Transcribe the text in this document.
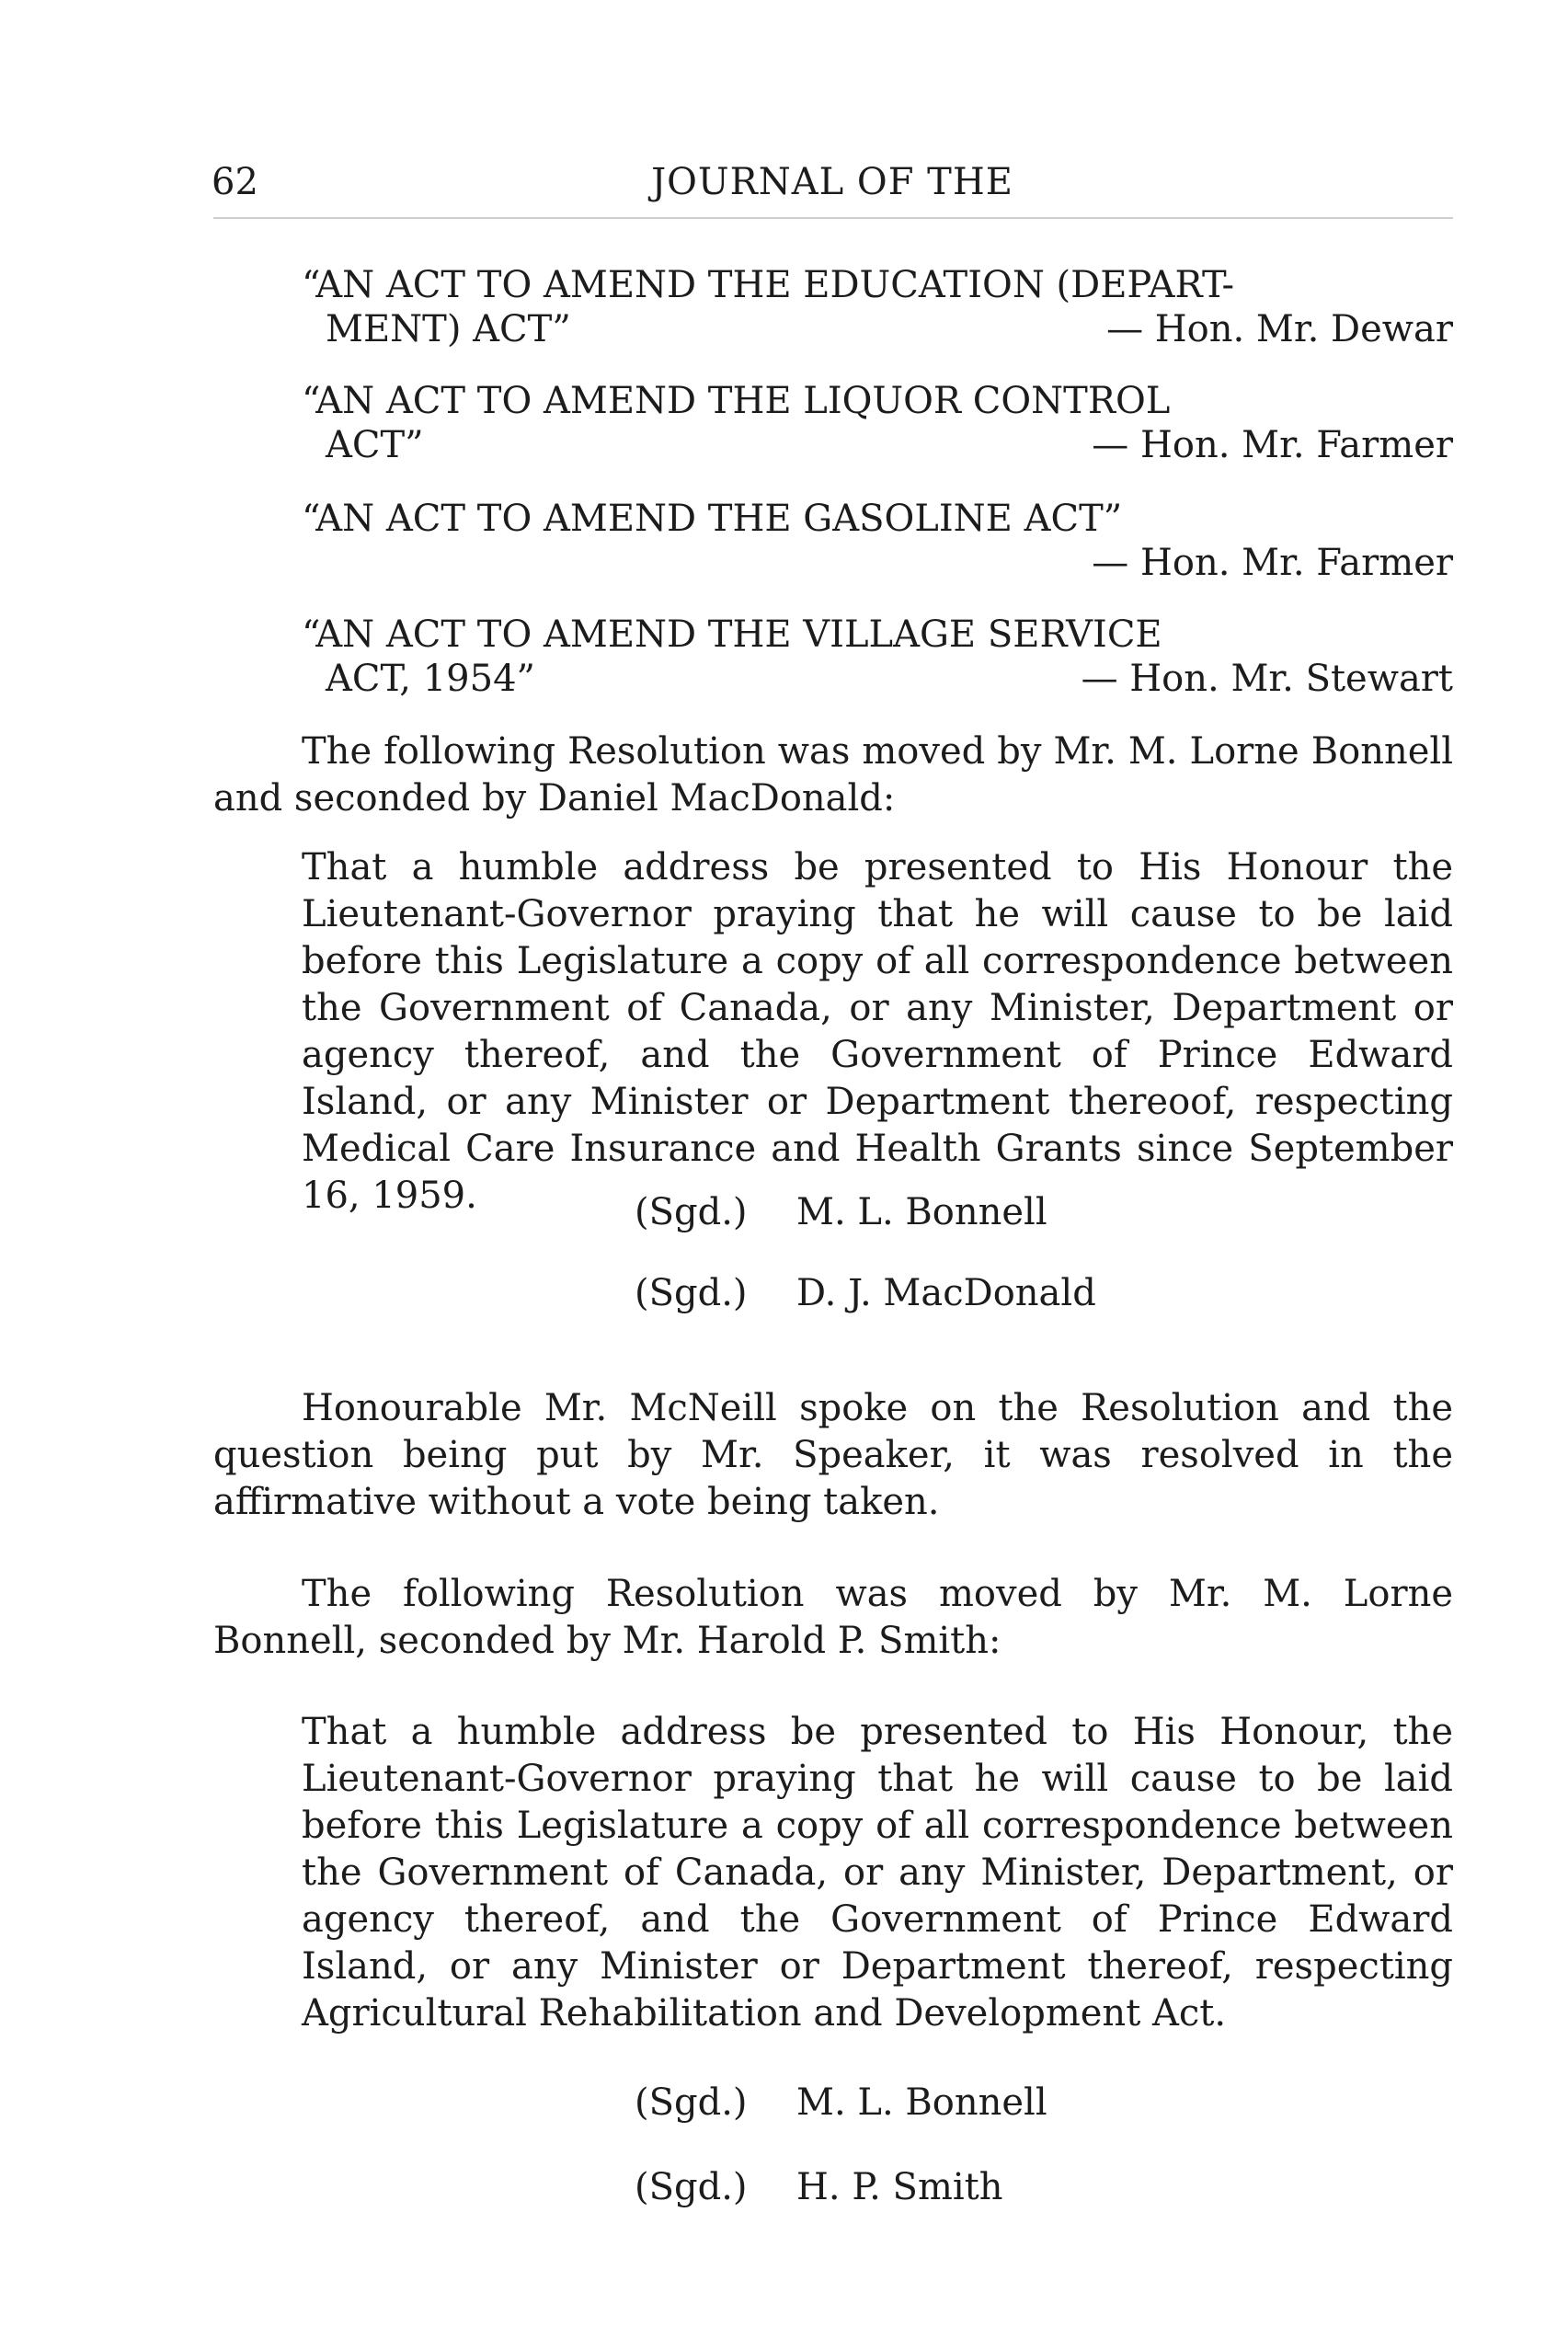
62	JOURNAL OF THE
“AN ACT TO AMEND THE EDUCATION (DEPART-
MENT) ACT”	— Hon. Mr. Dewar
“AN ACT TO AMEND THE LIQUOR CONTROL
ACT”	— Hon. Mr. Farmer
“AN ACT TO AMEND THE GASOLINE ACT”
— Hon. Mr. Farmer
“AN ACT TO AMEND THE VILLAGE SERVICE
ACT, 1954”	— Hon. Mr. Stewart

The following Resolution was moved by Mr. M. Lorne Bonnell and seconded by Daniel MacDonald:

That a humble address be presented to His Honour the Lieutenant-Governor praying that he will cause to be laid before this Legislature a copy of all correspondence between the Government of Canada, or any Minister, Department or agency thereof, and the Government of Prince Edward Island, or any Minister or Department thereoof, respecting Medical Care Insurance and Health Grants since September 16, 1959.	(Sgd.) M. L. Bonnell
(Sgd.) D. J. MacDonald

Honourable Mr. McNeill spoke on the Resolution and the question being put by Mr. Speaker, it was resolved in the affirmative without a vote being taken.

The following Resolution was moved by Mr. M. Lorne Bonnell, seconded by Mr. Harold P. Smith:

That a humble address be presented to His Honour, the Lieutenant-Governor praying that he will cause to be laid before this Legislature a copy of all correspondence between the Government of Canada, or any Minister, Department, or agency thereof, and the Government of Prince Edward Island, or any Minister or Department thereof, respecting Agricultural Rehabilitation and Development Act.

(Sgd.) M. L. Bonnell
(Sgd.) H. P. Smith
